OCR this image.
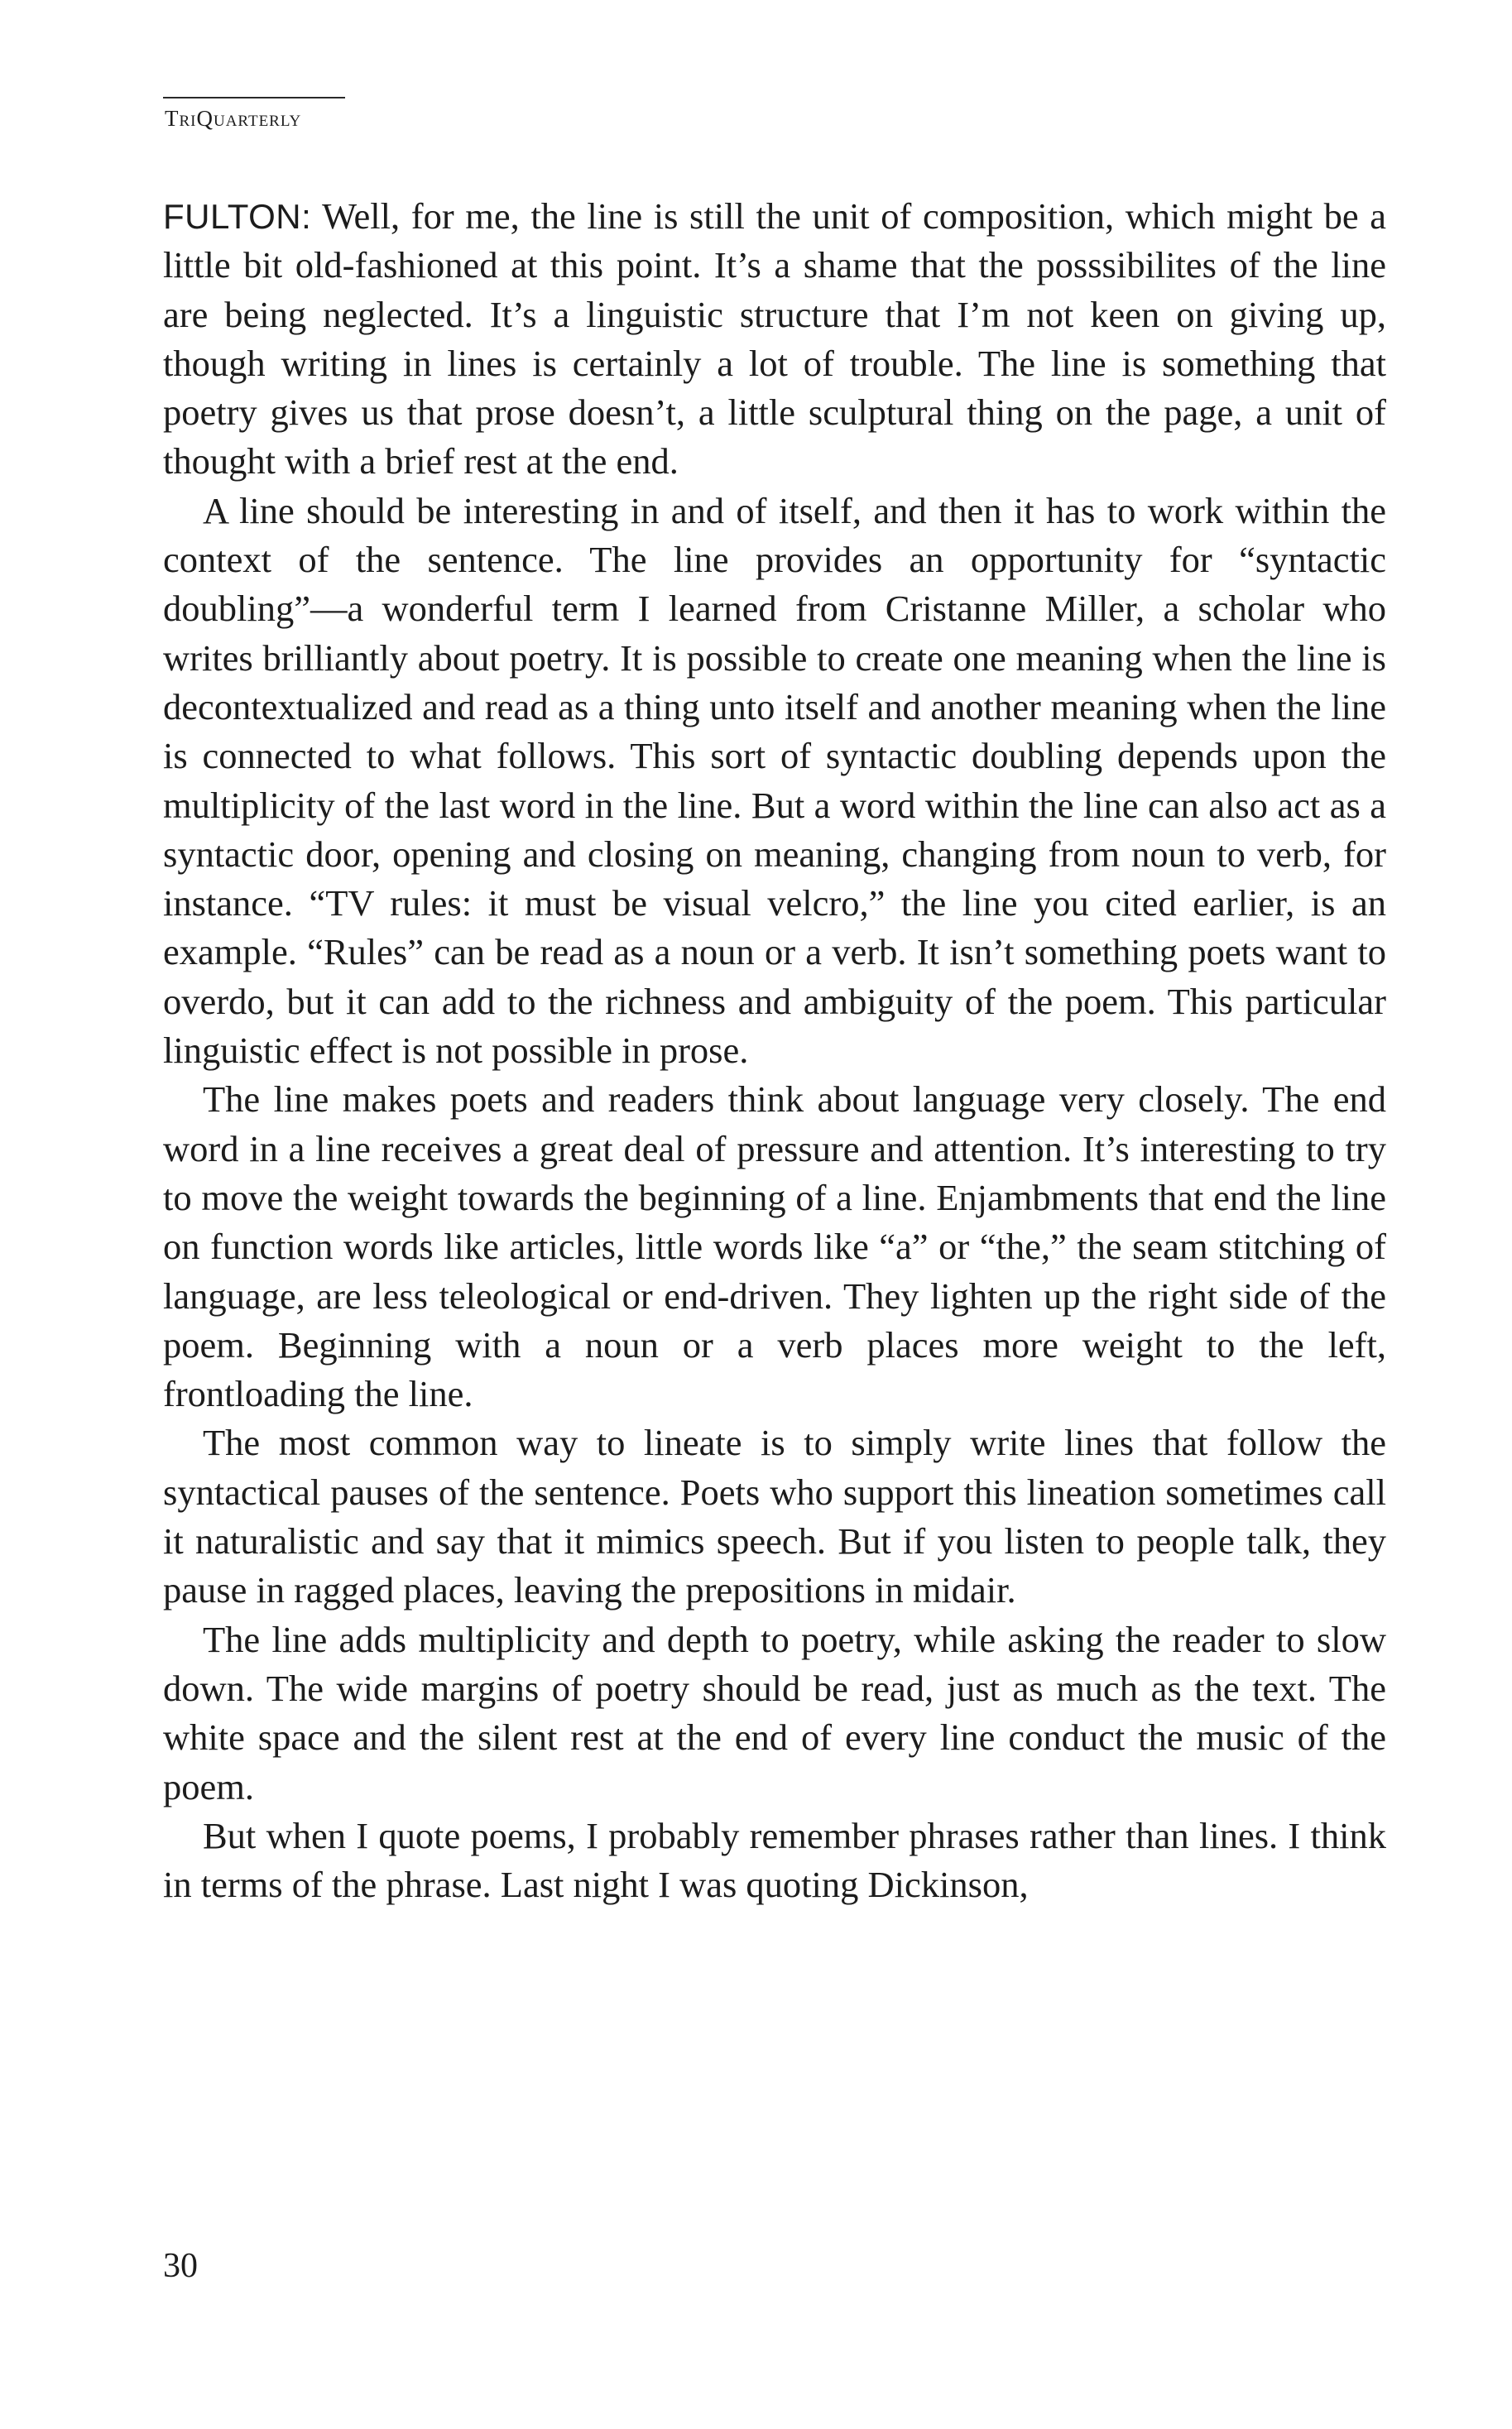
TriQuarterly

FULTON: Well, for me, the line is still the unit of composition, which might be a little bit old-fashioned at this point. It’s a shame that the posssibilites of the line are being neglected. It’s a linguistic structure that I’m not keen on giving up, though writing in lines is certainly a lot of trouble. The line is something that poetry gives us that prose doesn’t, a little sculptural thing on the page, a unit of thought with a brief rest at the end.

A line should be interesting in and of itself, and then it has to work within the context of the sentence. The line provides an opportunity for “syntactic doubling”—a wonderful term I learned from Cristanne Miller, a scholar who writes brilliantly about poetry. It is possible to create one meaning when the line is decontextualized and read as a thing unto itself and another meaning when the line is connected to what follows. This sort of syntactic doubling depends upon the multiplicity of the last word in the line. But a word within the line can also act as a syntactic door, opening and closing on meaning, changing from noun to verb, for instance. “TV rules: it must be visual velcro,” the line you cited earlier, is an example. “Rules” can be read as a noun or a verb. It isn’t something poets want to overdo, but it can add to the richness and ambiguity of the poem. This particular linguistic effect is not possible in prose.

The line makes poets and readers think about language very closely. The end word in a line receives a great deal of pressure and attention. It’s interesting to try to move the weight towards the beginning of a line. Enjambments that end the line on function words like articles, little words like “a” or “the,” the seam stitching of language, are less teleological or end-driven. They lighten up the right side of the poem. Beginning with a noun or a verb places more weight to the left, frontloading the line.

The most common way to lineate is to simply write lines that follow the syntactical pauses of the sentence. Poets who support this lineation sometimes call it naturalistic and say that it mimics speech. But if you listen to people talk, they pause in ragged places, leaving the prepositions in midair.

The line adds multiplicity and depth to poetry, while asking the reader to slow down. The wide margins of poetry should be read, just as much as the text. The white space and the silent rest at the end of every line conduct the music of the poem.

But when I quote poems, I probably remember phrases rather than lines. I think in terms of the phrase. Last night I was quoting Dickinson,

30
